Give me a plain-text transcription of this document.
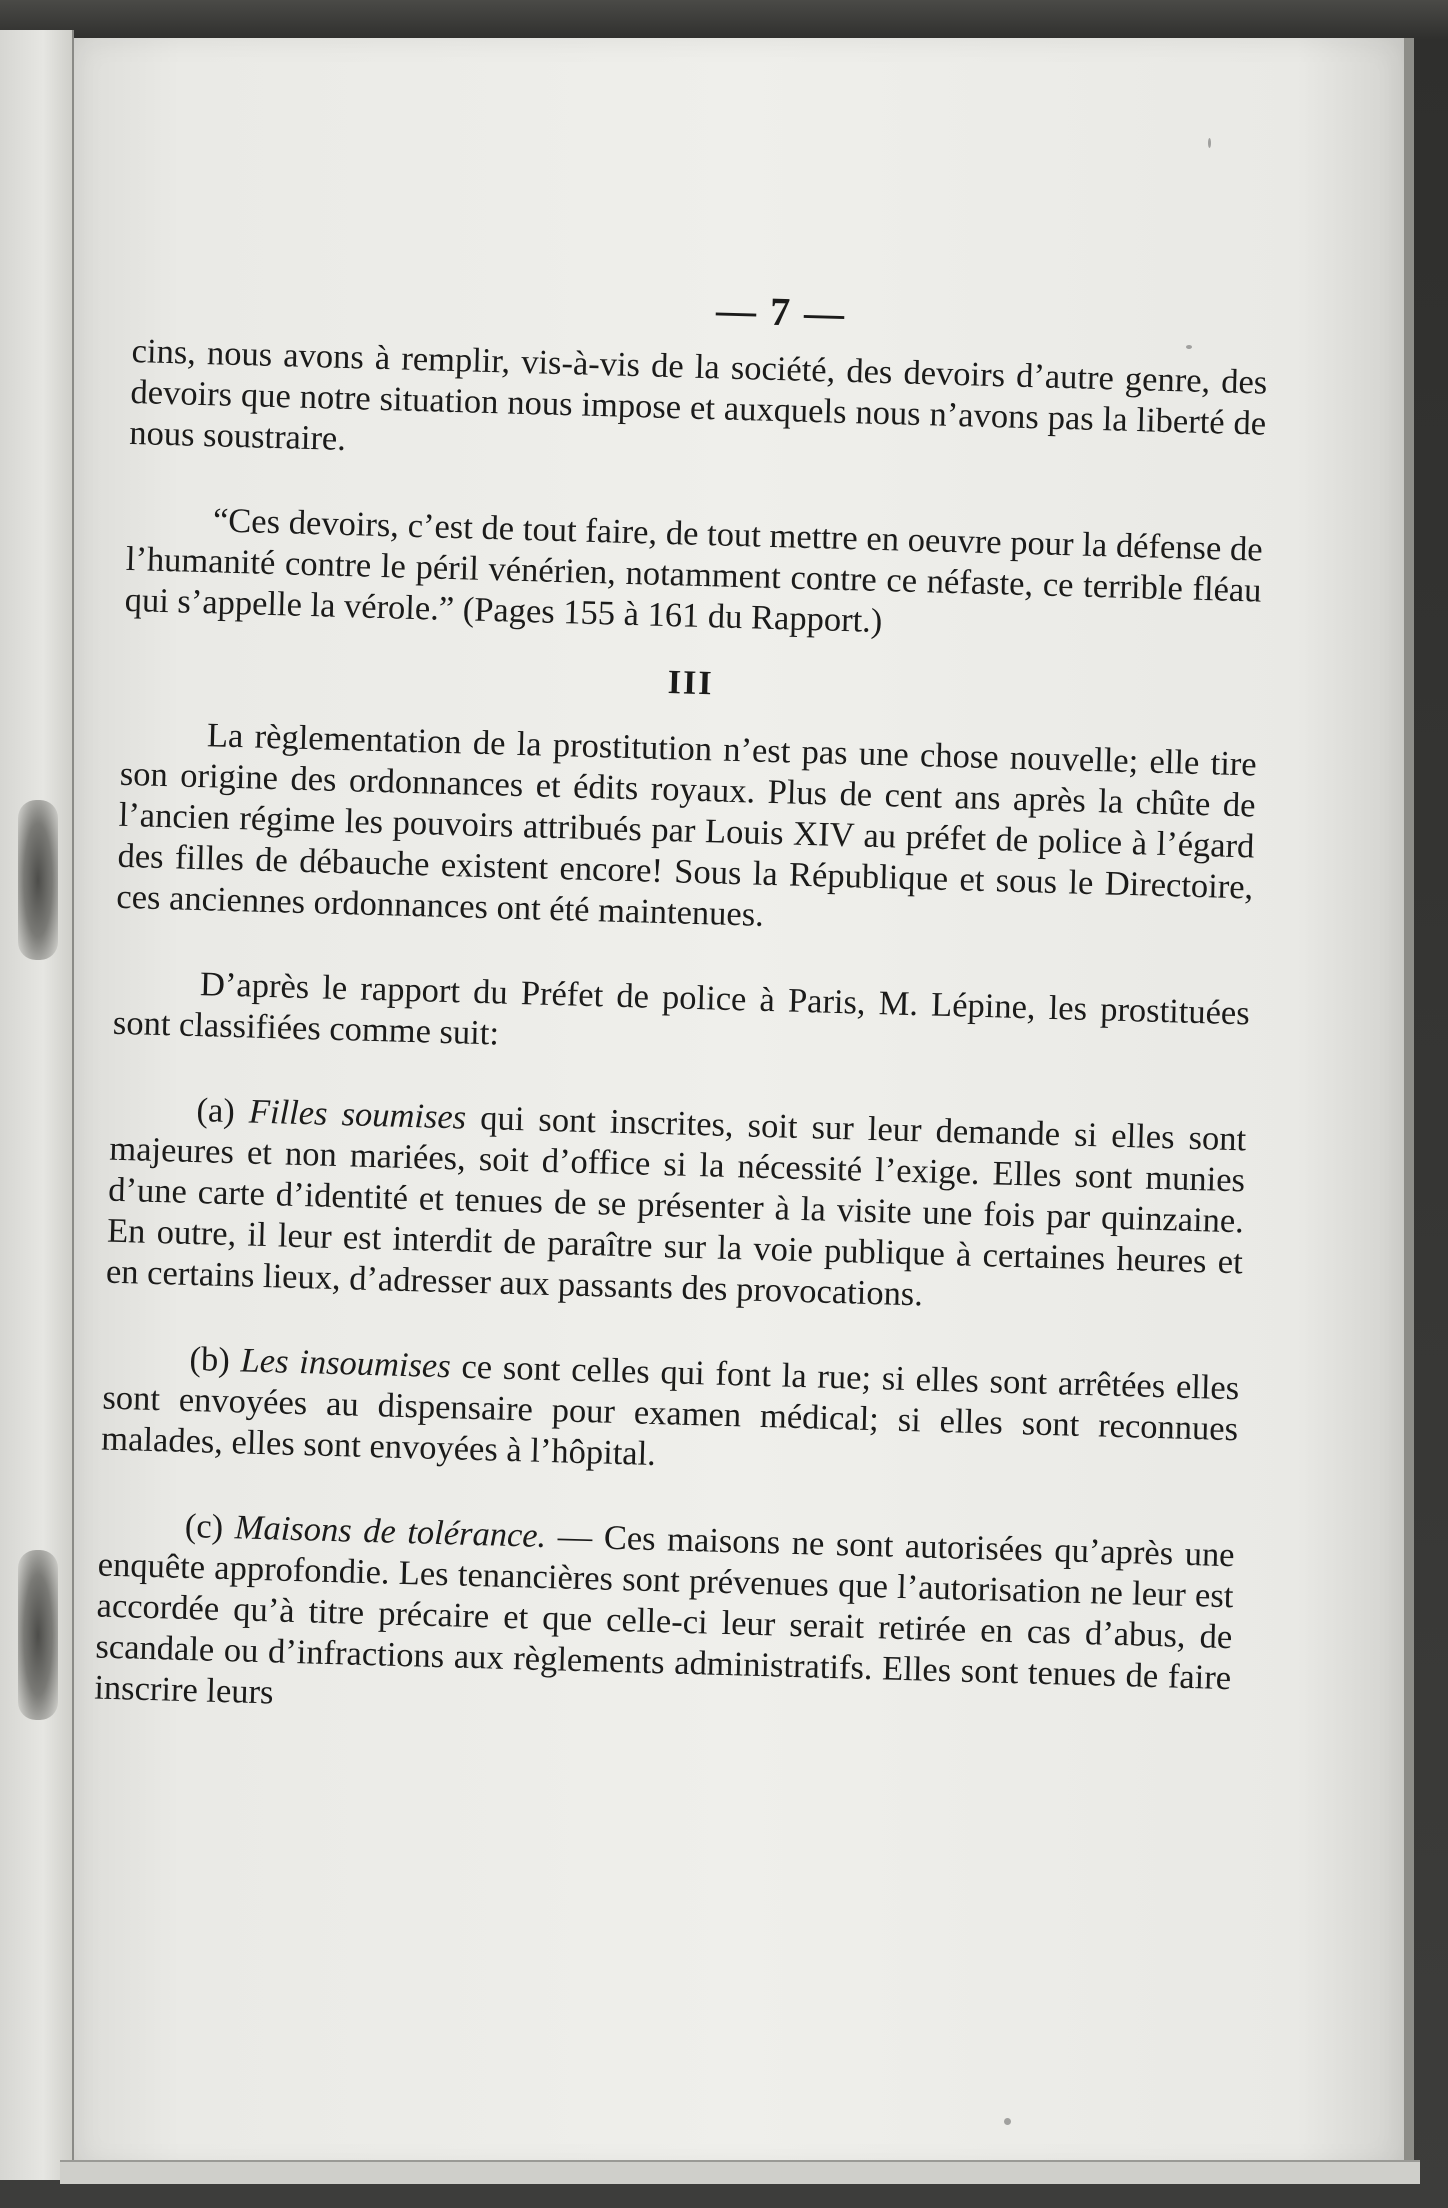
— 7 —

cins, nous avons à remplir, vis-à-vis de la société, des devoirs d’autre genre, des devoirs que notre situation nous impose et auxquels nous n’avons pas la liberté de nous soustraire.

“Ces devoirs, c’est de tout faire, de tout mettre en oeuvre pour la défense de l’humanité contre le péril vénérien, notamment contre ce néfaste, ce terrible fléau qui s’appelle la vérole.” (Pages 155 à 161 du Rapport.)

III

La règlementation de la prostitution n’est pas une chose nouvelle; elle tire son origine des ordonnances et édits royaux. Plus de cent ans après la chûte de l’ancien régime les pouvoirs attribués par Louis XIV au préfet de police à l’égard des filles de débauche existent encore! Sous la République et sous le Directoire, ces anciennes ordonnances ont été maintenues.

D’après le rapport du Préfet de police à Paris, M. Lépine, les prostituées sont classifiées comme suit:

(a) Filles soumises qui sont inscrites, soit sur leur demande si elles sont majeures et non mariées, soit d’office si la nécessité l’exige. Elles sont munies d’une carte d’identité et tenues de se présenter à la visite une fois par quinzaine. En outre, il leur est interdit de paraître sur la voie publique à certaines heures et en certains lieux, d’adresser aux passants des provocations.

(b) Les insoumises ce sont celles qui font la rue; si elles sont arrêtées elles sont envoyées au dispensaire pour examen médical; si elles sont reconnues malades, elles sont envoyées à l’hôpital.

(c) Maisons de tolérance. — Ces maisons ne sont autorisées qu’après une enquête approfondie. Les tenancières sont prévenues que l’autorisation ne leur est accordée qu’à titre précaire et que celle-ci leur serait retirée en cas d’abus, de scandale ou d’infractions aux règlements administratifs. Elles sont tenues de faire inscrire leurs
